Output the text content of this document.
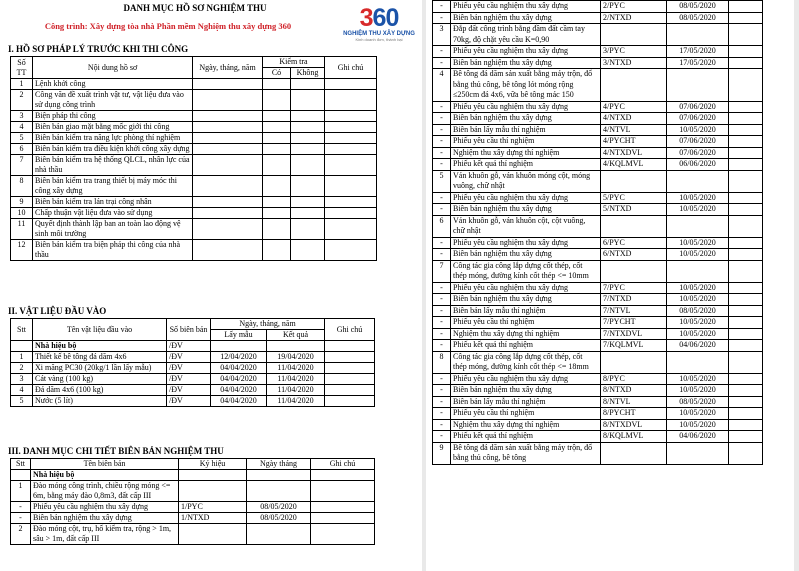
DANH MỤC HỒ SƠ NGHIỆM THU
Công trình: Xây dựng tòa nhà Phần mềm Nghiệm thu xây dựng 360	360
NGHIỆM THU XÂY DỰNG
Kinh doanh đơn, thành bại
I. HỒ SƠ PHÁP LÝ TRƯỚC KHI THI CÔNG
Số TT	Nội dung hồ sơ	Ngày, tháng, năm	Kiểm tra		Ghi chú
			Có	Không	
1	Lệnh khởi công				
2	Công văn đề xuất trình vật tư, vật liệu đưa vào sử dụng công trình				
3	Biện pháp thi công				
4	Biên bản giao mặt bằng mốc giới thi công				
5	Biên bản kiểm tra năng lực phòng thí nghiệm				
6	Biên bản kiểm tra điều kiện khởi công xây dựng				
7	Biên bản kiểm tra hệ thống QLCL, nhân lực của nhà thầu				
8	Biên bản kiểm tra trang thiết bị máy móc thi công xây dựng				
9	Biên bản kiểm tra lán trại công nhân				
10	Chấp thuận vật liệu đưa vào sử dụng				
11	Quyết định thành lập ban an toàn lao động vệ sinh môi trường				
12	Biên bản kiểm tra biện pháp thi công của nhà thầu				
II. VẬT LIỆU ĐẦU VÀO
Stt	Tên vật liệu đầu vào	Số biên bản	Ngày, tháng, năm		Ghi chú
			Lấy mẫu	Kết quả	
	Nhà hiệu bộ	/ĐV			
1	Thiết kế bê tông đá dăm 4x6	/ĐV	12/04/2020	19/04/2020	
2	Xi măng PC30 (20kg/1 lần lấy mẫu)	/ĐV	04/04/2020	11/04/2020	
3	Cát vàng (100 kg)	/ĐV	04/04/2020	11/04/2020	
4	Đá dăm 4x6 (100 kg)	/ĐV	04/04/2020	11/04/2020	
5	Nước (5 lít)	/ĐV	04/04/2020	11/04/2020	
III. DANH MỤC CHI TIẾT BIÊN BẢN NGHIỆM THU
Stt	Tên biên bản	Ký hiệu	Ngày tháng	Ghi chú
	Nhà hiệu bộ			
1	Đào móng công trình, chiều rộng móng <= 6m, bằng máy đào 0,8m3, đất cấp III			
-	Phiếu yêu cầu nghiệm thu xây dựng	1/PYC	08/05/2020	
-	Biên bản nghiệm thu xây dựng	1/NTXD	08/05/2020	
2	Đào móng cột, trụ, hố kiểm tra, rộng > 1m, sâu > 1m, đất cấp III			
-	Phiếu yêu cầu nghiệm thu xây dựng	2/PYC	08/05/2020	
-	Biên bản nghiệm thu xây dựng	2/NTXD	08/05/2020	
3	Đắp đất công trình bằng đầm đất cầm tay 70kg, độ chặt yêu cầu K=0,90			
-	Phiếu yêu cầu nghiệm thu xây dựng	3/PYC	17/05/2020	
-	Biên bản nghiệm thu xây dựng	3/NTXD	17/05/2020	
4	Bê tông đá dăm sản xuất bằng máy trộn, đổ bằng thủ công, bê tông lót móng rộng ≤250cm đá 4x6, vữa bê tông mác 150			
-	Phiếu yêu cầu nghiệm thu xây dựng	4/PYC	07/06/2020	
-	Biên bản nghiệm thu xây dựng	4/NTXD	07/06/2020	
-	Biên bản lấy mẫu thí nghiệm	4/NTVL	10/05/2020	
-	Phiếu yêu cầu thí nghiệm	4/PYCHT	07/06/2020	
-	Nghiệm thu xây dựng thí nghiệm	4/NTXDVL	07/06/2020	
-	Phiếu kết quả thí nghiệm	4/KQLMVL	06/06/2020	
5	Ván khuôn gỗ, ván khuôn móng cột, móng vuông, chữ nhật			
-	Phiếu yêu cầu nghiệm thu xây dựng	5/PYC	10/05/2020	
-	Biên bản nghiệm thu xây dựng	5/NTXD	10/05/2020	
6	Ván khuôn gỗ, ván khuôn cột, cột vuông, chữ nhật			
-	Phiếu yêu cầu nghiệm thu xây dựng	6/PYC	10/05/2020	
-	Biên bản nghiệm thu xây dựng	6/NTXD	10/05/2020	
7	Công tác gia công lắp dựng cốt thép, cốt thép móng, đường kính cốt thép <= 10mm			
-	Phiếu yêu cầu nghiệm thu xây dựng	7/PYC	10/05/2020	
-	Biên bản nghiệm thu xây dựng	7/NTXD	10/05/2020	
-	Biên bản lấy mẫu thí nghiệm	7/NTVL	08/05/2020	
-	Phiếu yêu cầu thí nghiệm	7/PYCHT	10/05/2020	
-	Nghiệm thu xây dựng thí nghiệm	7/NTXDVL	10/05/2020	
-	Phiếu kết quả thí nghiệm	7/KQLMVL	04/06/2020	
8	Công tác gia công lắp dựng cốt thép, cốt thép móng, đường kính cốt thép <= 18mm			
-	Phiếu yêu cầu nghiệm thu xây dựng	8/PYC	10/05/2020	
-	Biên bản nghiệm thu xây dựng	8/NTXD	10/05/2020	
-	Biên bản lấy mẫu thí nghiệm	8/NTVL	08/05/2020	
-	Phiếu yêu cầu thí nghiệm	8/PYCHT	10/05/2020	
-	Nghiệm thu xây dựng thí nghiệm	8/NTXDVL	10/05/2020	
-	Phiếu kết quả thí nghiệm	8/KQLMVL	04/06/2020	
9	Bê tông đá dăm sản xuất bằng máy trộn, đổ bằng thủ công, bê tông			
